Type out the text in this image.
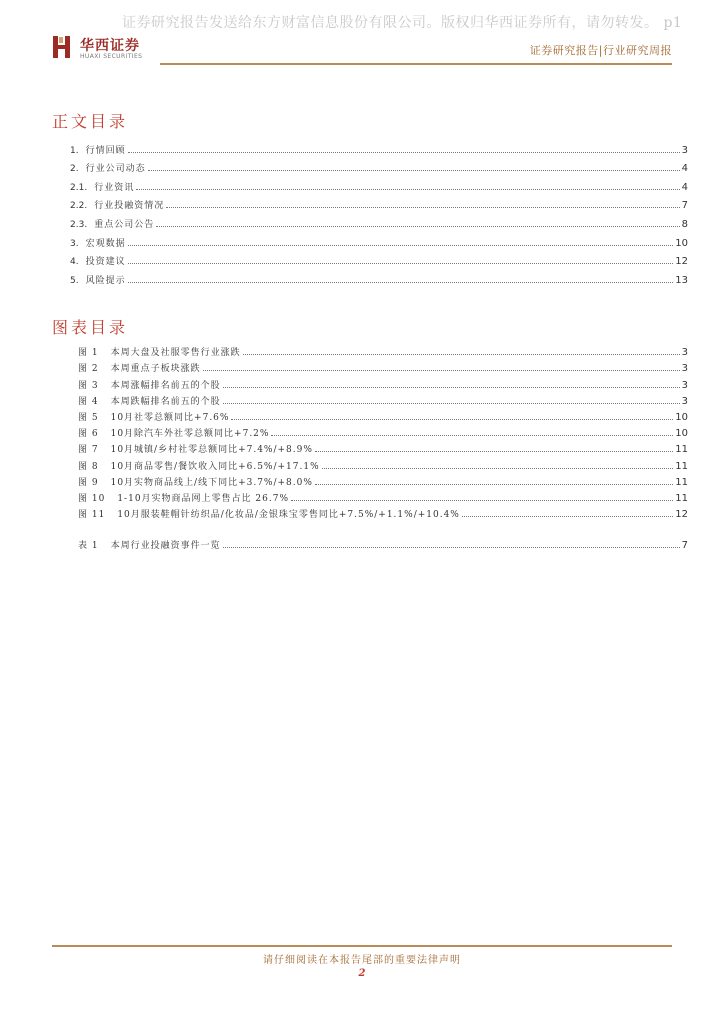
证券研究报告发送给东方财富信息股份有限公司。版权归华西证券所有，请勿转发。 p1
华西证券
HUAXI SECURITIES	证券研究报告|行业研究周报
正文目录
1. 行情回顾	3
2. 行业公司动态	4
2.1. 行业资讯	4
2.2. 行业投融资情况	7
2.3. 重点公司公告	8
3. 宏观数据	10
4. 投资建议	12
5. 风险提示	13
图表目录
图 1 本周大盘及社服零售行业涨跌	3
图 2 本周重点子板块涨跌	3
图 3 本周涨幅排名前五的个股	3
图 4 本周跌幅排名前五的个股	3
图 5 10月社零总额同比+7.6%	10
图 6 10月除汽车外社零总额同比+7.2%	10
图 7 10月城镇/乡村社零总额同比+7.4%/+8.9%	11
图 8 10月商品零售/餐饮收入同比+6.5%/+17.1%	11
图 9 10月实物商品线上/线下同比+3.7%/+8.0%	11
图 10 1-10月实物商品网上零售占比 26.7%	11
图 11 10月服装鞋帽针纺织品/化妆品/金银珠宝零售同比+7.5%/+1.1%/+10.4%	12
表 1 本周行业投融资事件一览	7
请仔细阅读在本报告尾部的重要法律声明
2
